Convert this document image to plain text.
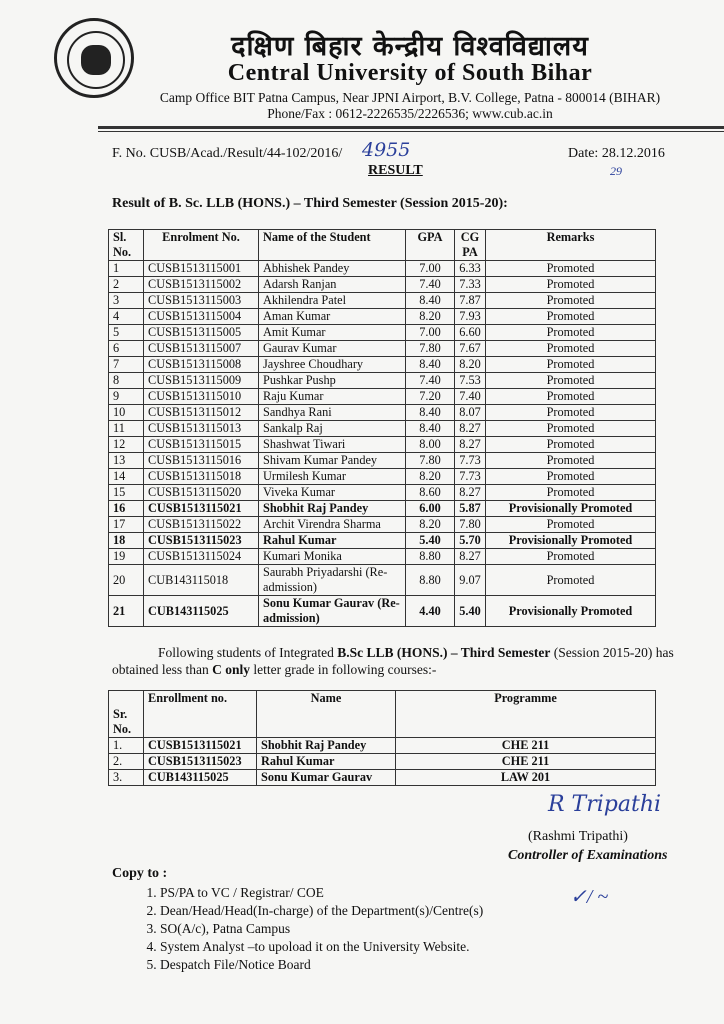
दक्षिण बिहार केन्द्रीय विश्वविद्यालय
Central University of South Bihar
Camp Office BIT Patna Campus, Near JPNI Airport, B.V. College, Patna - 800014 (BIHAR)
Phone/Fax : 0612-2226535/2226536; www.cub.ac.in
F. No. CUSB/Acad./Result/44-102/2016/ 4955	Date: 28.12.2016
29
RESULT
Result of B. Sc. LLB (HONS.) – Third Semester (Session 2015-20):
Sl. No.	Enrolment No.	Name of the Student	GPA	CG PA	Remarks
1	CUSB1513115001	Abhishek Pandey	7.00	6.33	Promoted
2	CUSB1513115002	Adarsh Ranjan	7.40	7.33	Promoted
3	CUSB1513115003	Akhilendra Patel	8.40	7.87	Promoted
4	CUSB1513115004	Aman Kumar	8.20	7.93	Promoted
5	CUSB1513115005	Amit Kumar	7.00	6.60	Promoted
6	CUSB1513115007	Gaurav Kumar	7.80	7.67	Promoted
7	CUSB1513115008	Jayshree Choudhary	8.40	8.20	Promoted
8	CUSB1513115009	Pushkar Pushp	7.40	7.53	Promoted
9	CUSB1513115010	Raju Kumar	7.20	7.40	Promoted
10	CUSB1513115012	Sandhya Rani	8.40	8.07	Promoted
11	CUSB1513115013	Sankalp Raj	8.40	8.27	Promoted
12	CUSB1513115015	Shashwat Tiwari	8.00	8.27	Promoted
13	CUSB1513115016	Shivam Kumar Pandey	7.80	7.73	Promoted
14	CUSB1513115018	Urmilesh Kumar	8.20	7.73	Promoted
15	CUSB1513115020	Viveka Kumar	8.60	8.27	Promoted
16	CUSB1513115021	Shobhit Raj Pandey	6.00	5.87	Provisionally Promoted
17	CUSB1513115022	Archit Virendra Sharma	8.20	7.80	Promoted
18	CUSB1513115023	Rahul Kumar	5.40	5.70	Provisionally Promoted
19	CUSB1513115024	Kumari Monika	8.80	8.27	Promoted
20	CUB143115018	Saurabh Priyadarshi (Re-admission)	8.80	9.07	Promoted
21	CUB143115025	Sonu Kumar Gaurav (Re-admission)	4.40	5.40	Provisionally Promoted
Following students of Integrated B.Sc LLB (HONS.) – Third Semester (Session 2015-20) has obtained less than C only letter grade in following courses:-
Sr. No.	Enrollment no.	Name	Programme
1.	CUSB1513115021	Shobhit Raj Pandey	CHE 211
2.	CUSB1513115023	Rahul Kumar	CHE 211
3.	CUB143115025	Sonu Kumar Gaurav	LAW 201
R Tripathi
(Rashmi Tripathi)
Controller of Examinations
Copy to :
1. PS/PA to VC / Registrar/ COE
2. Dean/Head/Head(In-charge) of the Department(s)/Centre(s)
3. SO(A/c), Patna Campus
4. System Analyst –to upoload it on the University Website.
5. Despatch File/Notice Board
✓/ ~
